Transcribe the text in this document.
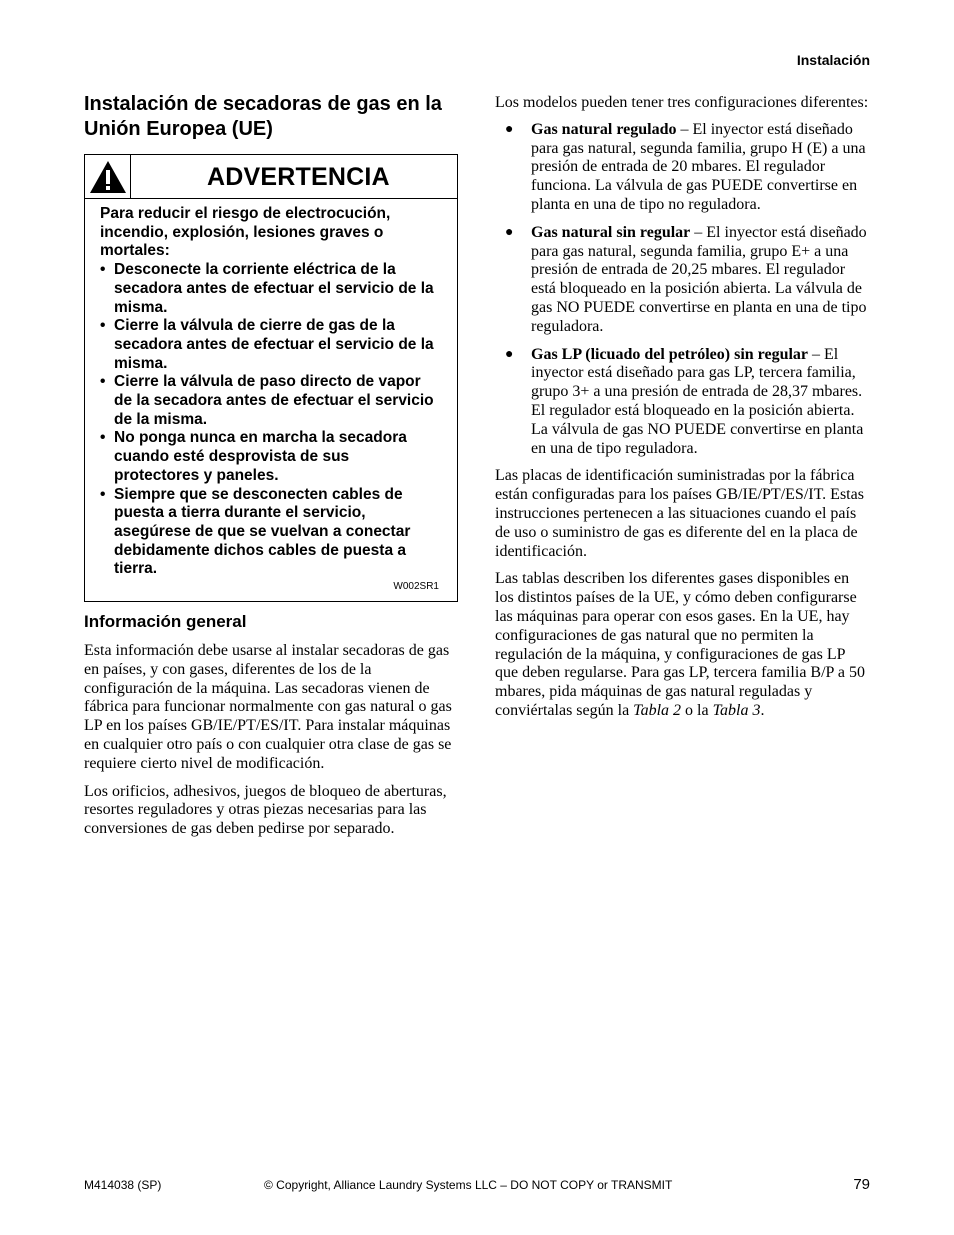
Instalación
Instalación de secadoras de gas en la Unión Europea (UE)
ADVERTENCIA
Para reducir el riesgo de electrocución, incendio, explosión, lesiones graves o mortales:
• Desconecte la corriente eléctrica de la secadora antes de efectuar el servicio de la misma.
• Cierre la válvula de cierre de gas de la secadora antes de efectuar el servicio de la misma.
• Cierre la válvula de paso directo de vapor de la secadora antes de efectuar el servicio de la misma.
• No ponga nunca en marcha la secadora cuando esté desprovista de sus protectores y paneles.
• Siempre que se desconecten cables de puesta a tierra durante el servicio, asegúrese de que se vuelvan a conectar debidamente dichos cables de puesta a tierra.
W002SR1
Información general

Esta información debe usarse al instalar secadoras de gas en países, y con gases, diferentes de los de la configuración de la máquina. Las secadoras vienen de fábrica para funcionar normalmente con gas natural o gas LP en los países GB/IE/PT/ES/IT. Para instalar máquinas en cualquier otro país o con cualquier otra clase de gas se requiere cierto nivel de modificación.

Los orificios, adhesivos, juegos de bloqueo de aberturas, resortes reguladores y otras piezas necesarias para las conversiones de gas deben pedirse por separado.

Los modelos pueden tener tres configuraciones diferentes:

● Gas natural regulado – El inyector está diseñado para gas natural, segunda familia, grupo H (E) a una presión de entrada de 20 mbares. El regulador funciona. La válvula de gas PUEDE convertirse en planta en una de tipo no reguladora.
● Gas natural sin regular – El inyector está diseñado para gas natural, segunda familia, grupo E+ a una presión de entrada de 20,25 mbares. El regulador está bloqueado en la posición abierta. La válvula de gas NO PUEDE convertirse en planta en una de tipo reguladora.
● Gas LP (licuado del petróleo) sin regular – El inyector está diseñado para gas LP, tercera familia, grupo 3+ a una presión de entrada de 28,37 mbares. El regulador está bloqueado en la posición abierta. La válvula de gas NO PUEDE convertirse en planta en una de tipo reguladora.

Las placas de identificación suministradas por la fábrica están configuradas para los países GB/IE/PT/ES/IT. Estas instrucciones pertenecen a las situaciones cuando el país de uso o suministro de gas es diferente del en la placa de identificación.

Las tablas describen los diferentes gases disponibles en los distintos países de la UE, y cómo deben configurarse las máquinas para operar con esos gases. En la UE, hay configuraciones de gas natural que no permiten la regulación de la máquina, y configuraciones de gas LP que deben regularse. Para gas LP, tercera familia B/P a 50 mbares, pida máquinas de gas natural reguladas y conviértalas según la Tabla 2 o la Tabla 3.

M414038 (SP)	© Copyright, Alliance Laundry Systems LLC – DO NOT COPY or TRANSMIT	79
